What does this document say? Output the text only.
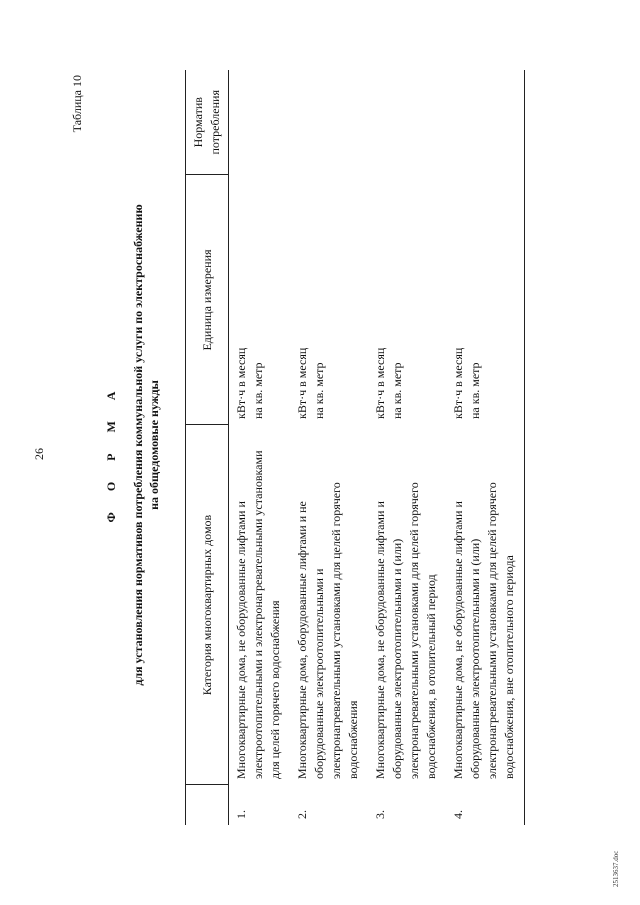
26
Таблица 10
Ф О Р М А для установления нормативов потребления коммунальной услуги по электроснабжению на общедомовые нужды
	Категория многоквартирных домов	Единица измерения	Норматив
потребления
1.	Многоквартирные дома, не оборудованные лифтами и
электроотопительными и электронагревательными установками
для целей горячего водоснабжения	кВт·ч в месяц
на кв. метр	
2.	Многоквартирные дома, оборудованные лифтами и не
оборудованные электроотопительными и
электронагревательными установками для целей горячего
водоснабжения	кВт·ч в месяц
на кв. метр	
3.	Многоквартирные дома, не оборудованные лифтами и
оборудованные электроотопительными и (или)
электронагревательными установками для целей горячего
водоснабжения, в отопительный период	кВт·ч в месяц
на кв. метр	
4.	Многоквартирные дома, не оборудованные лифтами и
оборудованные электроотопительными и (или)
электронагревательными установками для целей горячего
водоснабжения, вне отопительного периода	кВт·ч в месяц
на кв. метр	
2513637.doc
